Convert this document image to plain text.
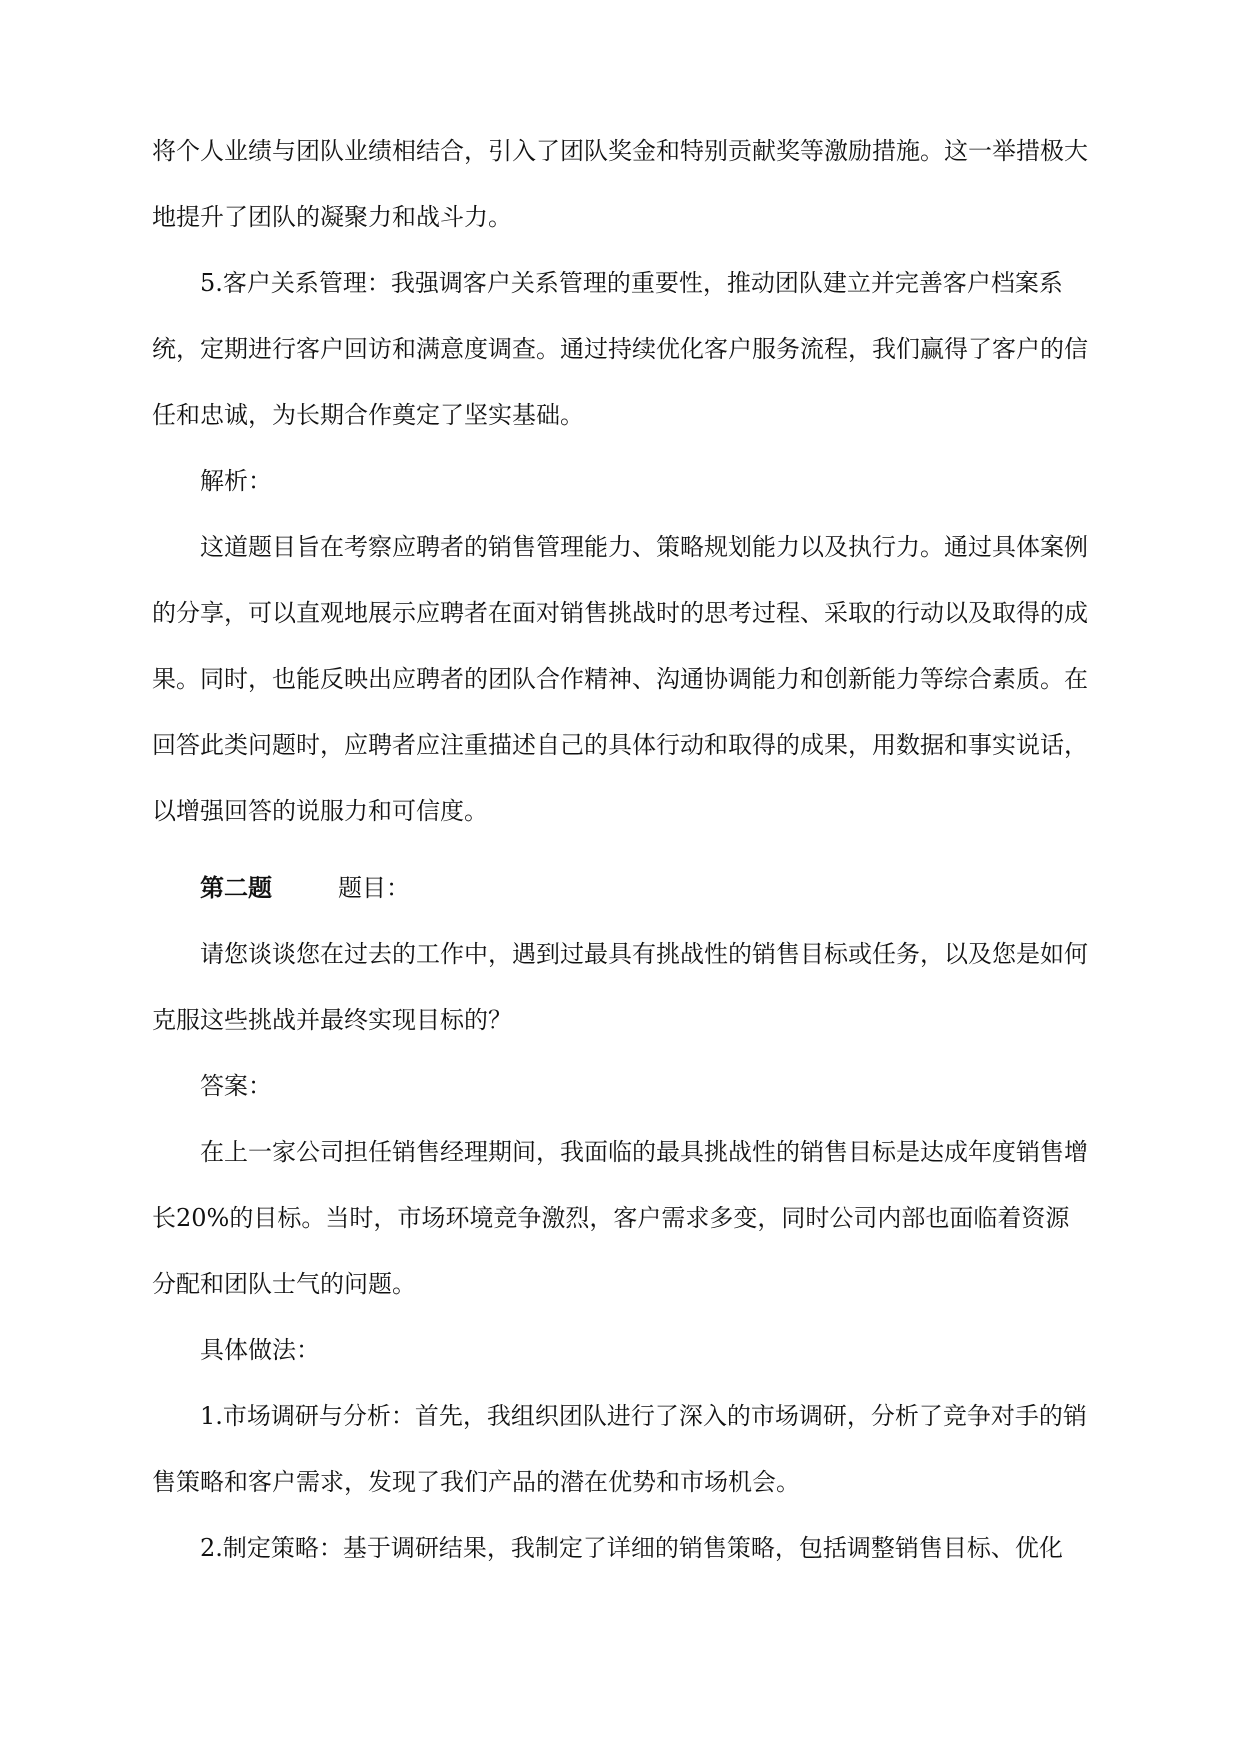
将个人业绩与团队业绩相结合，引入了团队奖金和特别贡献奖等激励措施。这一举措极大地提升了团队的凝聚力和战斗力。

5.客户关系管理：我强调客户关系管理的重要性，推动团队建立并完善客户档案系统，定期进行客户回访和满意度调查。通过持续优化客户服务流程，我们赢得了客户的信任和忠诚，为长期合作奠定了坚实基础。

解析：

这道题目旨在考察应聘者的销售管理能力、策略规划能力以及执行力。通过具体案例的分享，可以直观地展示应聘者在面对销售挑战时的思考过程、采取的行动以及取得的成果。同时，也能反映出应聘者的团队合作精神、沟通协调能力和创新能力等综合素质。在回答此类问题时，应聘者应注重描述自己的具体行动和取得的成果，用数据和事实说话，以增强回答的说服力和可信度。

第二题	题目：

请您谈谈您在过去的工作中，遇到过最具有挑战性的销售目标或任务，以及您是如何克服这些挑战并最终实现目标的？

答案：

在上一家公司担任销售经理期间，我面临的最具挑战性的销售目标是达成年度销售增长20%的目标。当时，市场环境竞争激烈，客户需求多变，同时公司内部也面临着资源分配和团队士气的问题。

具体做法：

1.市场调研与分析：首先，我组织团队进行了深入的市场调研，分析了竞争对手的销售策略和客户需求，发现了我们产品的潜在优势和市场机会。

2.制定策略：基于调研结果，我制定了详细的销售策略，包括调整销售目标、优化
